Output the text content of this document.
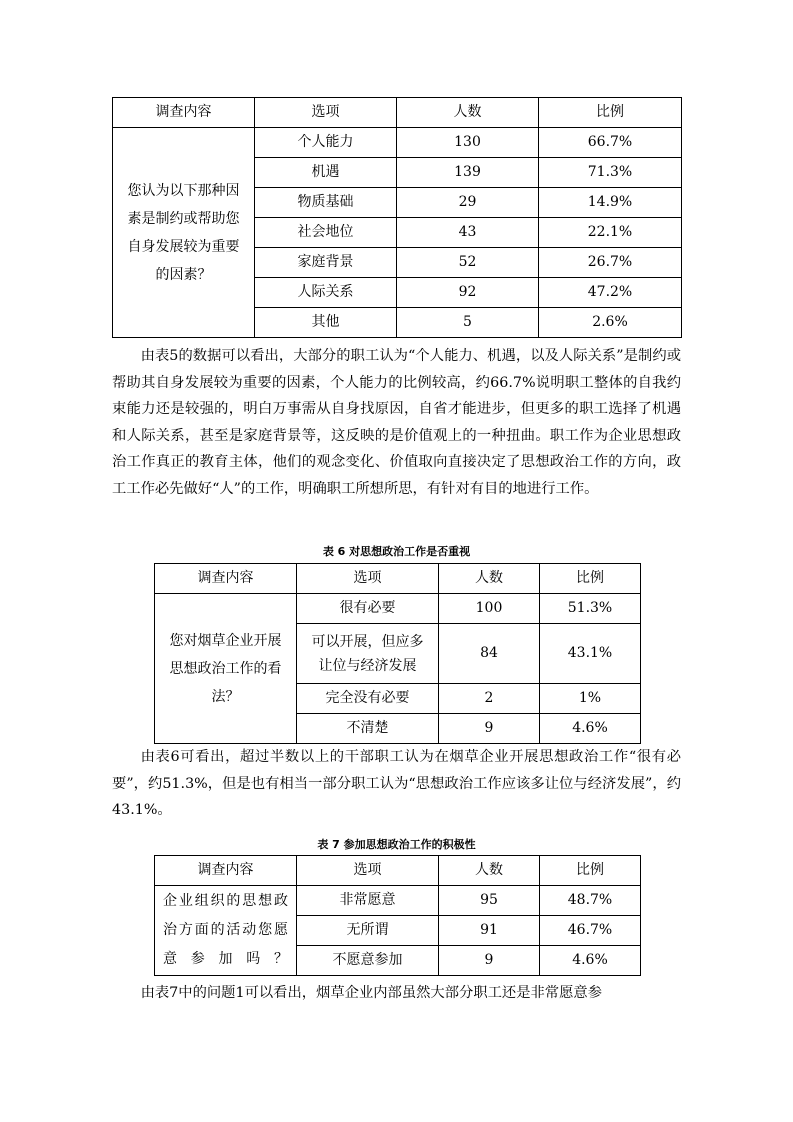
调查内容	选项	人数	比例
您认为以下那种因素是制约或帮助您自身发展较为重要的因素？	个人能力	130	66.7%
	机遇	139	71.3%
	物质基础	29	14.9%
	社会地位	43	22.1%
	家庭背景	52	26.7%
	人际关系	92	47.2%
	其他	5	2.6%

由表5的数据可以看出，大部分的职工认为“个人能力、机遇，以及人际关系”是制约或帮助其自身发展较为重要的因素，个人能力的比例较高，约66.7%说明职工整体的自我约束能力还是较强的，明白万事需从自身找原因，自省才能进步，但更多的职工选择了机遇和人际关系，甚至是家庭背景等，这反映的是价值观上的一种扭曲。职工作为企业思想政治工作真正的教育主体，他们的观念变化、价值取向直接决定了思想政治工作的方向，政工工作必先做好“人”的工作，明确职工所想所思，有针对有目的地进行工作。

表 6 对思想政治工作是否重视

调查内容	选项	人数	比例
您对烟草企业开展思想政治工作的看法？	很有必要	100	51.3%
	可以开展，但应多让位与经济发展	84	43.1%
	完全没有必要	2	1%
	不清楚	9	4.6%

由表6可看出，超过半数以上的干部职工认为在烟草企业开展思想政治工作“很有必要”，约51.3%，但是也有相当一部分职工认为“思想政治工作应该多让位与经济发展”，约43.1%。

表 7 参加思想政治工作的积极性

调查内容	选项	人数	比例
企业组织的思想政治方面的活动您愿意参加吗？	非常愿意	95	48.7%
	无所谓	91	46.7%
	不愿意参加	9	4.6%

由表7中的问题1可以看出，烟草企业内部虽然大部分职工还是非常愿意参
